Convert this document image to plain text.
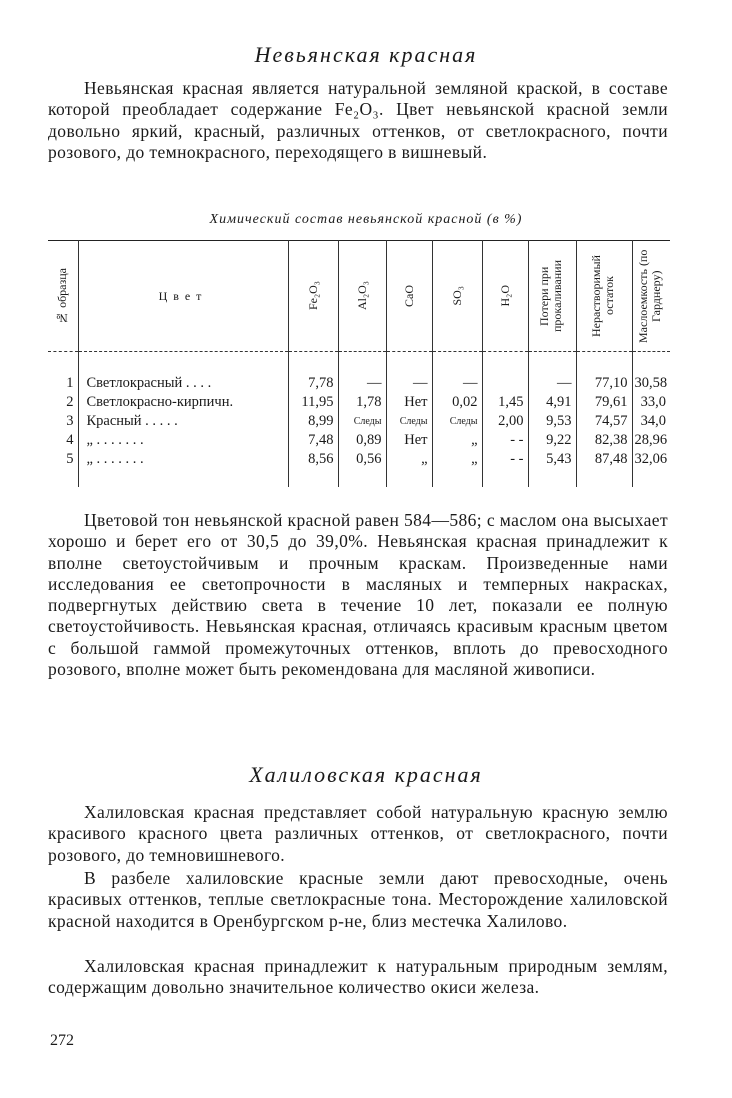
Невьянская красная
Невьянская красная является натуральной земляной краской, в составе которой преобладает содержание Fe₂O₃. Цвет невьянской красной земли довольно яркий, красный, различных оттенков, от светлокрасного, почти розового, до темнокрасного, переходящего в вишневый.
Химический состав невьянской красной (в %)
№ образца	Цвет	Fe₂O₃	Al₂O₃	CaO	SO₃	H₂O	Потери при прокаливании	Нерастворимый остаток	Маслоемкость (по Гарднеру)

1	Светлокрасный . . . .	7,78	—	—	—		—	77,10	30,58
2	Светлокрасно-кирпичн.	11,95	1,78	Нет	0,02	1,45	4,91	79,61	33,0
3	Красный . . . . .	8,99	Следы	Следы	Следы	2,00	9,53	74,57	34,0
4	„ . . . . . . .	7,48	0,89	Нет	„	- -	9,22	82,38	28,96
5	„ . . . . . . .	8,56	0,56	„	„	- -	5,43	87,48	32,06

Цветовой тон невьянской красной равен 584—586; с маслом она высыхает хорошо и берет его от 30,5 до 39,0%. Невьянская красная принадлежит к вполне светоустойчивым и прочным краскам. Произведенные нами исследования ее светопрочности в масляных и темперных накрасках, подвергнутых действию света в течение 10 лет, показали ее полную светоустойчивость. Невьянская красная, отличаясь красивым красным цветом с большой гаммой промежуточных оттенков, вплоть до превосходного розового, вполне может быть рекомендована для масляной живописи.
Халиловская красная
Халиловская красная представляет собой натуральную красную землю красивого красного цвета различных оттенков, от светлокрасного, почти розового, до темновишневого.
В разбеле халиловские красные земли дают превосходные, очень красивых оттенков, теплые светлокрасные тона. Месторождение халиловской красной находится в Оренбургском р-не, близ местечка Халилово.
Халиловская красная принадлежит к натуральным природным землям, содержащим довольно значительное количество окиси железа.
272
